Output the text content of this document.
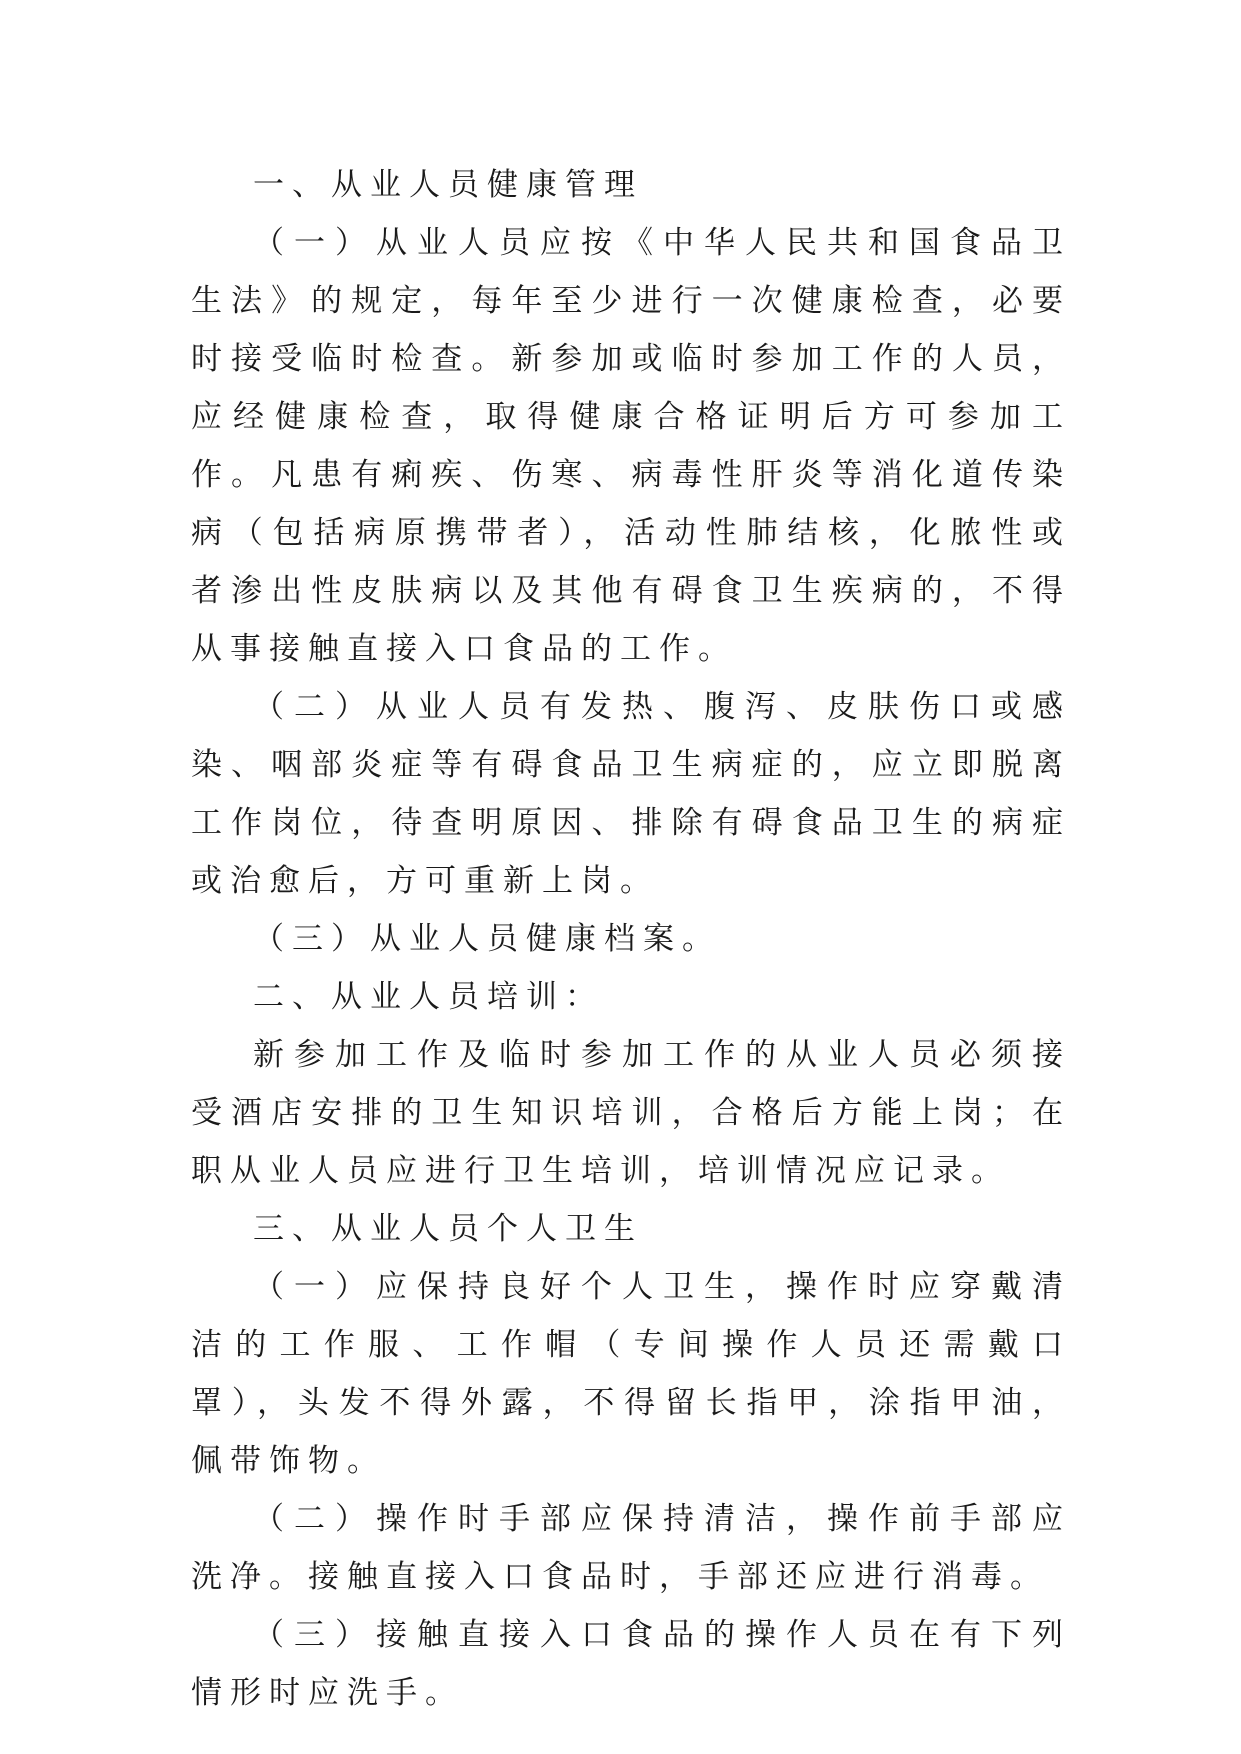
一、从业人员健康管理

（一）从业人员应按《中华人民共和国食品卫生法》的规定，每年至少进行一次健康检查，必要时接受临时检查。新参加或临时参加工作的人员，应经健康检查，取得健康合格证明后方可参加工作。凡患有痢疾、伤寒、病毒性肝炎等消化道传染病（包括病原携带者），活动性肺结核，化脓性或者渗出性皮肤病以及其他有碍食卫生疾病的，不得从事接触直接入口食品的工作。

（二）从业人员有发热、腹泻、皮肤伤口或感染、咽部炎症等有碍食品卫生病症的，应立即脱离工作岗位，待查明原因、排除有碍食品卫生的病症或治愈后，方可重新上岗。

（三）从业人员健康档案。

二、从业人员培训：

新参加工作及临时参加工作的从业人员必须接受酒店安排的卫生知识培训，合格后方能上岗；在职从业人员应进行卫生培训，培训情况应记录。

三、从业人员个人卫生

（一）应保持良好个人卫生，操作时应穿戴清洁的工作服、工作帽（专间操作人员还需戴口罩），头发不得外露，不得留长指甲，涂指甲油，佩带饰物。

（二）操作时手部应保持清洁，操作前手部应洗净。接触直接入口食品时，手部还应进行消毒。

（三）接触直接入口食品的操作人员在有下列情形时应洗手。
